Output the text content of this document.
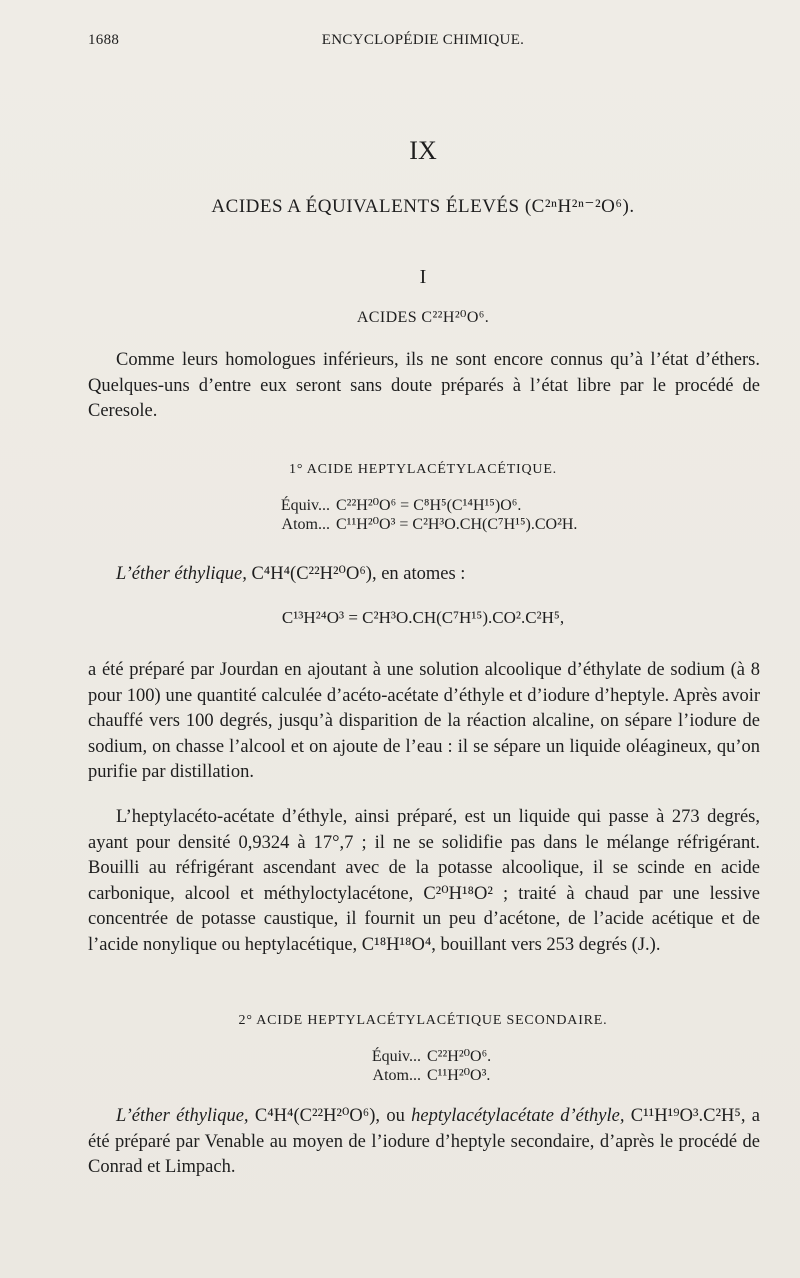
1688	ENCYCLOPÉDIE CHIMIQUE.
IX
ACIDES A ÉQUIVALENTS ÉLEVÉS (C²ⁿH²ⁿ⁻²O⁶).
I
ACIDES C²²H²⁰O⁶.

Comme leurs homologues inférieurs, ils ne sont encore connus qu’à l’état d’éthers. Quelques-uns d’entre eux seront sans doute préparés à l’état libre par le procédé de Ceresole.

1° ACIDE HEPTYLACÉTYLACÉTIQUE.
Équiv... C²²H²⁰O⁶ = C⁸H⁵(C¹⁴H¹⁵)O⁶.
Atom... C¹¹H²⁰O³ = C²H³O.CH(C⁷H¹⁵).CO²H.

L’éther éthylique, C⁴H⁴(C²²H²⁰O⁶), en atomes :

C¹³H²⁴O³ = C²H³O.CH(C⁷H¹⁵).CO².C²H⁵,

a été préparé par Jourdan en ajoutant à une solution alcoolique d’éthylate de sodium (à 8 pour 100) une quantité calculée d’acéto-acétate d’éthyle et d’iodure d’heptyle. Après avoir chauffé vers 100 degrés, jusqu’à disparition de la réaction alcaline, on sépare l’iodure de sodium, on chasse l’alcool et on ajoute de l’eau : il se sépare un liquide oléagineux, qu’on purifie par distillation.

L’heptylacéto-acétate d’éthyle, ainsi préparé, est un liquide qui passe à 273 degrés, ayant pour densité 0,9324 à 17°,7 ; il ne se solidifie pas dans le mélange réfrigérant. Bouilli au réfrigérant ascendant avec de la potasse alcoolique, il se scinde en acide carbonique, alcool et méthyloctylacétone, C²⁰H¹⁸O² ; traité à chaud par une lessive concentrée de potasse caustique, il fournit un peu d’acétone, de l’acide acétique et de l’acide nonylique ou heptylacétique, C¹⁸H¹⁸O⁴, bouillant vers 253 degrés (J.).

2° ACIDE HEPTYLACÉTYLACÉTIQUE SECONDAIRE.
Équiv... C²²H²⁰O⁶.
Atom... C¹¹H²⁰O³.

L’éther éthylique, C⁴H⁴(C²²H²⁰O⁶), ou heptylacétylacétate d’éthyle, C¹¹H¹⁹O³.C²H⁵, a été préparé par Venable au moyen de l’iodure d’heptyle secondaire, d’après le procédé de Conrad et Limpach.
